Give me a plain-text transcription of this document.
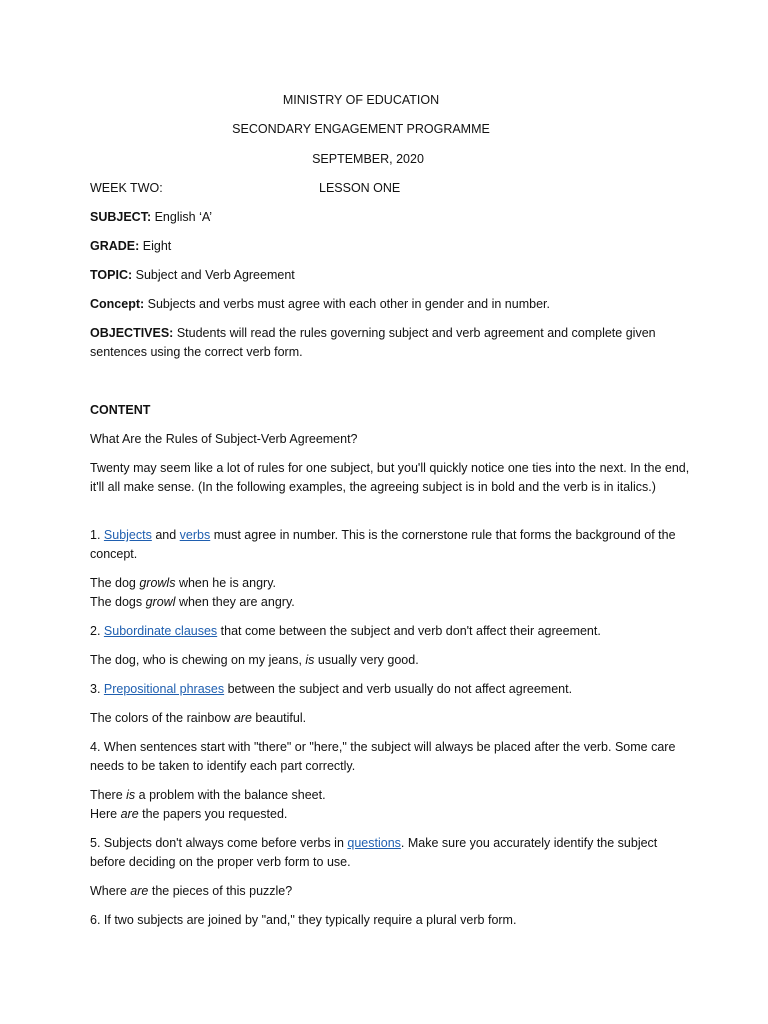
MINISTRY OF EDUCATION
SECONDARY ENGAGEMENT PROGRAMME
SEPTEMBER, 2020
WEEK TWO:	LESSON ONE
SUBJECT: English ‘A’
GRADE: Eight
TOPIC: Subject and Verb Agreement
Concept: Subjects and verbs must agree with each other in gender and in number.
OBJECTIVES: Students will read the rules governing subject and verb agreement and complete given sentences using the correct verb form.
CONTENT
What Are the Rules of Subject-Verb Agreement?
Twenty may seem like a lot of rules for one subject, but you'll quickly notice one ties into the next. In the end, it'll all make sense. (In the following examples, the agreeing subject is in bold and the verb is in italics.)
1. Subjects and verbs must agree in number. This is the cornerstone rule that forms the background of the concept.
The dog growls when he is angry.
The dogs growl when they are angry.
2. Subordinate clauses that come between the subject and verb don't affect their agreement.
The dog, who is chewing on my jeans, is usually very good.
3. Prepositional phrases between the subject and verb usually do not affect agreement.
The colors of the rainbow are beautiful.
4. When sentences start with "there" or "here," the subject will always be placed after the verb. Some care needs to be taken to identify each part correctly.
There is a problem with the balance sheet.
Here are the papers you requested.
5. Subjects don't always come before verbs in questions. Make sure you accurately identify the subject before deciding on the proper verb form to use.
Where are the pieces of this puzzle?
6. If two subjects are joined by "and," they typically require a plural verb form.
